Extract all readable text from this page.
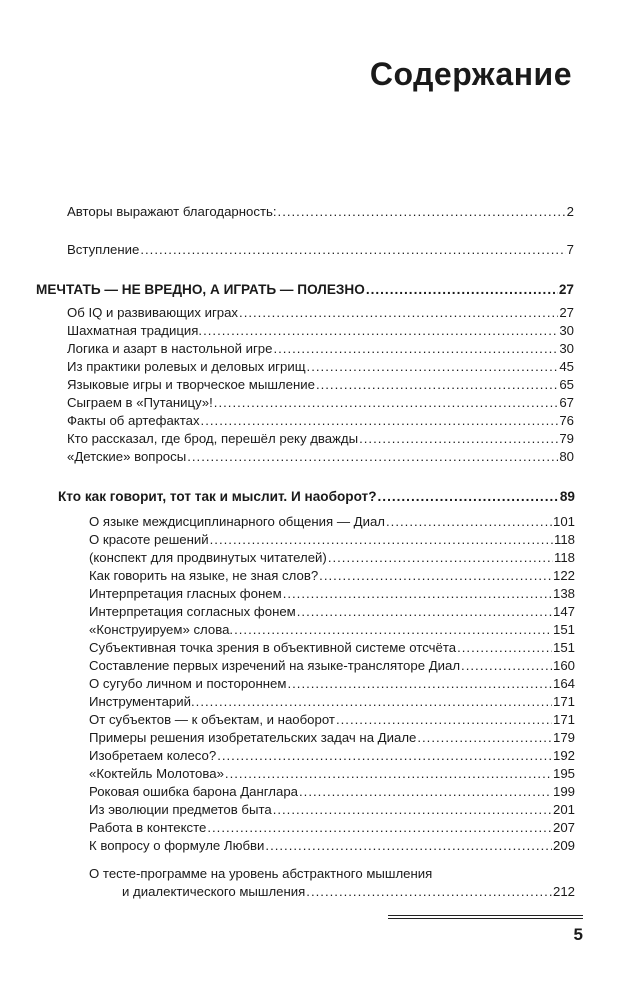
Содержание
Авторы выражают благодарность: .....	2
Вступление .....	7
МЕЧТАТЬ — НЕ ВРЕДНО, А ИГРАТЬ — ПОЛЕЗНО .....	27
Об IQ и развивающих играх .....	27
Шахматная традиция. .....	30
Логика и азарт в настольной игре .....	30
Из практики ролевых и деловых игрищ .....	45
Языковые игры и творческое мышление .....	65
Сыграем в «Путаницу»! .....	67
Факты об артефактах .....	76
Кто рассказал, где брод, перешёл реку дважды .....	79
«Детские» вопросы .....	80
Кто как говорит, тот так и мыслит. И наоборот? .....	89
О языке междисциплинарного общения — Диал .....	101
О красоте решений .....	118
(конспект для продвинутых читателей) .....	118
Как говорить на языке, не зная слов? .....	122
Интерпретация гласных фонем .....	138
Интерпретация согласных фонем .....	147
«Конструируем» слова. .....	151
Субъективная точка зрения в объективной системе отсчёта .....	151
Составление первых изречений на языке-трансляторе Диал .....	160
О сугубо личном и постороннем .....	164
Инструментарий. .....	171
От субъектов — к объектам, и наоборот .....	171
Примеры решения изобретательских задач на Диале .....	179
Изобретаем колесо? .....	192
«Коктейль Молотова» .....	195
Роковая ошибка барона Данглара .....	199
Из эволюции предметов быта .....	201
Работа в контексте .....	207
К вопросу о формуле Любви .....	209
О тесте-программе на уровень абстрактного мышления
и диалектического мышления .....	212
5
